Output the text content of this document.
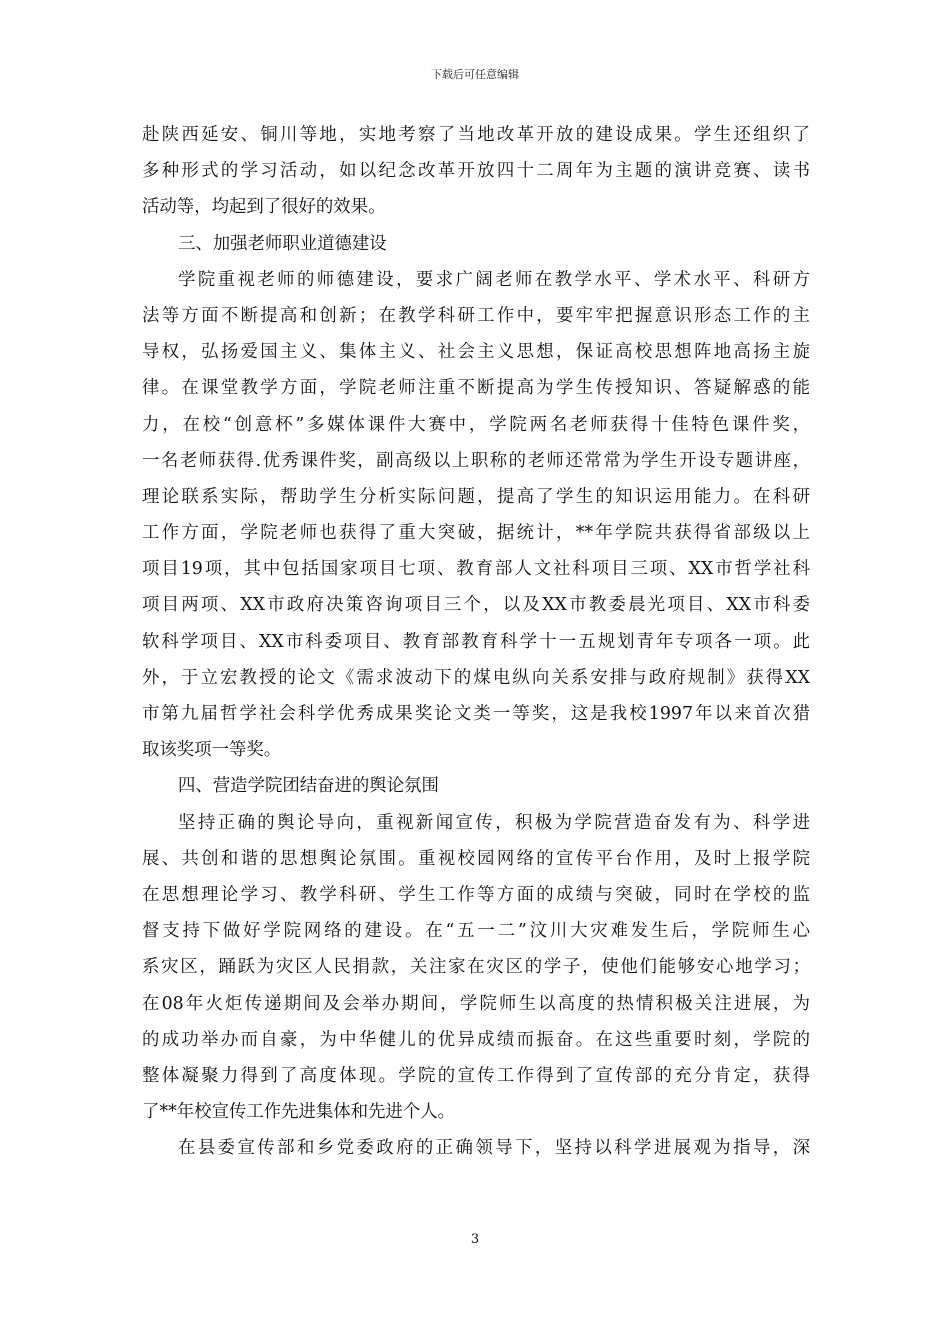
下载后可任意编辑
赴陕西延安、铜川等地，实地考察了当地改革开放的建设成果。学生还组织了
多种形式的学习活动，如以纪念改革开放四十二周年为主题的演讲竞赛、读书
活动等，均起到了很好的效果。
三、加强老师职业道德建设
学院重视老师的师德建设，要求广阔老师在教学水平、学术水平、科研方
法等方面不断提高和创新；在教学科研工作中，要牢牢把握意识形态工作的主
导权，弘扬爱国主义、集体主义、社会主义思想，保证高校思想阵地高扬主旋
律。在课堂教学方面，学院老师注重不断提高为学生传授知识、答疑解惑的能
力，在校“创意杯”多媒体课件大赛中，学院两名老师获得十佳特色课件奖，
一名老师获得.优秀课件奖，副高级以上职称的老师还常常为学生开设专题讲座，
理论联系实际，帮助学生分析实际问题，提高了学生的知识运用能力。在科研
工作方面，学院老师也获得了重大突破，据统计，**年学院共获得省部级以上
项目19项，其中包括国家项目七项、教育部人文社科项目三项、XX市哲学社科
项目两项、XX市政府决策咨询项目三个，以及XX市教委晨光项目、XX市科委
软科学项目、XX市科委项目、教育部教育科学十一五规划青年专项各一项。此
外，于立宏教授的论文《需求波动下的煤电纵向关系安排与政府规制》获得XX
市第九届哲学社会科学优秀成果奖论文类一等奖，这是我校1997年以来首次猎
取该奖项一等奖。
四、营造学院团结奋进的舆论氛围
坚持正确的舆论导向，重视新闻宣传，积极为学院营造奋发有为、科学进
展、共创和谐的思想舆论氛围。重视校园网络的宣传平台作用，及时上报学院
在思想理论学习、教学科研、学生工作等方面的成绩与突破，同时在学校的监
督支持下做好学院网络的建设。在“五一二”汶川大灾难发生后，学院师生心
系灾区，踊跃为灾区人民捐款，关注家在灾区的学子，使他们能够安心地学习；
在08年火炬传递期间及会举办期间，学院师生以高度的热情积极关注进展，为
的成功举办而自豪，为中华健儿的优异成绩而振奋。在这些重要时刻，学院的
整体凝聚力得到了高度体现。学院的宣传工作得到了宣传部的充分肯定，获得
了**年校宣传工作先进集体和先进个人。
在县委宣传部和乡党委政府的正确领导下，坚持以科学进展观为指导，深
3
